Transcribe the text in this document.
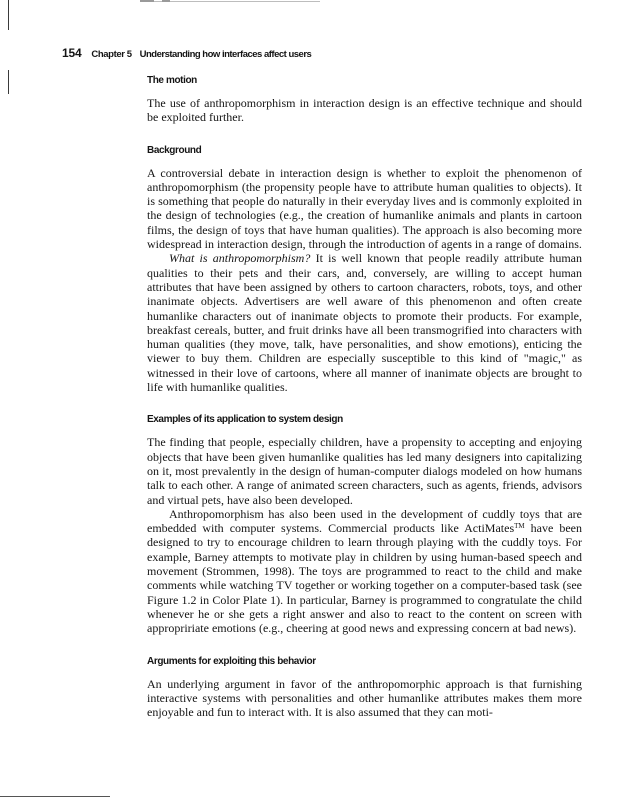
154 Chapter 5 Understanding how interfaces affect users
The motion

The use of anthropomorphism in interaction design is an effective technique and should be exploited further.

Background

A controversial debate in interaction design is whether to exploit the phenomenon of anthropomorphism (the propensity people have to attribute human qualities to objects). It is something that people do naturally in their everyday lives and is commonly exploited in the design of technologies (e.g., the creation of humanlike animals and plants in cartoon films, the design of toys that have human qualities). The approach is also becoming more widespread in interaction design, through the introduction of agents in a range of domains.

What is anthropomorphism? It is well known that people readily attribute human qualities to their pets and their cars, and, conversely, are willing to accept human attributes that have been assigned by others to cartoon characters, robots, toys, and other inanimate objects. Advertisers are well aware of this phenomenon and often create humanlike characters out of inanimate objects to promote their products. For example, breakfast cereals, butter, and fruit drinks have all been transmogrified into characters with human qualities (they move, talk, have personalities, and show emotions), enticing the viewer to buy them. Children are especially susceptible to this kind of "magic," as witnessed in their love of cartoons, where all manner of inanimate objects are brought to life with humanlike qualities.

Examples of its application to system design

The finding that people, especially children, have a propensity to accepting and enjoying objects that have been given humanlike qualities has led many designers into capitalizing on it, most prevalently in the design of human-computer dialogs modeled on how humans talk to each other. A range of animated screen characters, such as agents, friends, advisors and virtual pets, have also been developed.

Anthropomorphism has also been used in the development of cuddly toys that are embedded with computer systems. Commercial products like ActiMates™ have been designed to try to encourage children to learn through playing with the cuddly toys. For example, Barney attempts to motivate play in children by using human-based speech and movement (Strommen, 1998). The toys are programmed to react to the child and make comments while watching TV together or working together on a computer-based task (see Figure 1.2 in Color Plate 1). In particular, Barney is programmed to congratulate the child whenever he or she gets a right answer and also to react to the content on screen with appropririate emotions (e.g., cheering at good news and expressing concern at bad news).

Arguments for exploiting this behavior

An underlying argument in favor of the anthropomorphic approach is that furnishing interactive systems with personalities and other humanlike attributes makes them more enjoyable and fun to interact with. It is also assumed that they can moti-
